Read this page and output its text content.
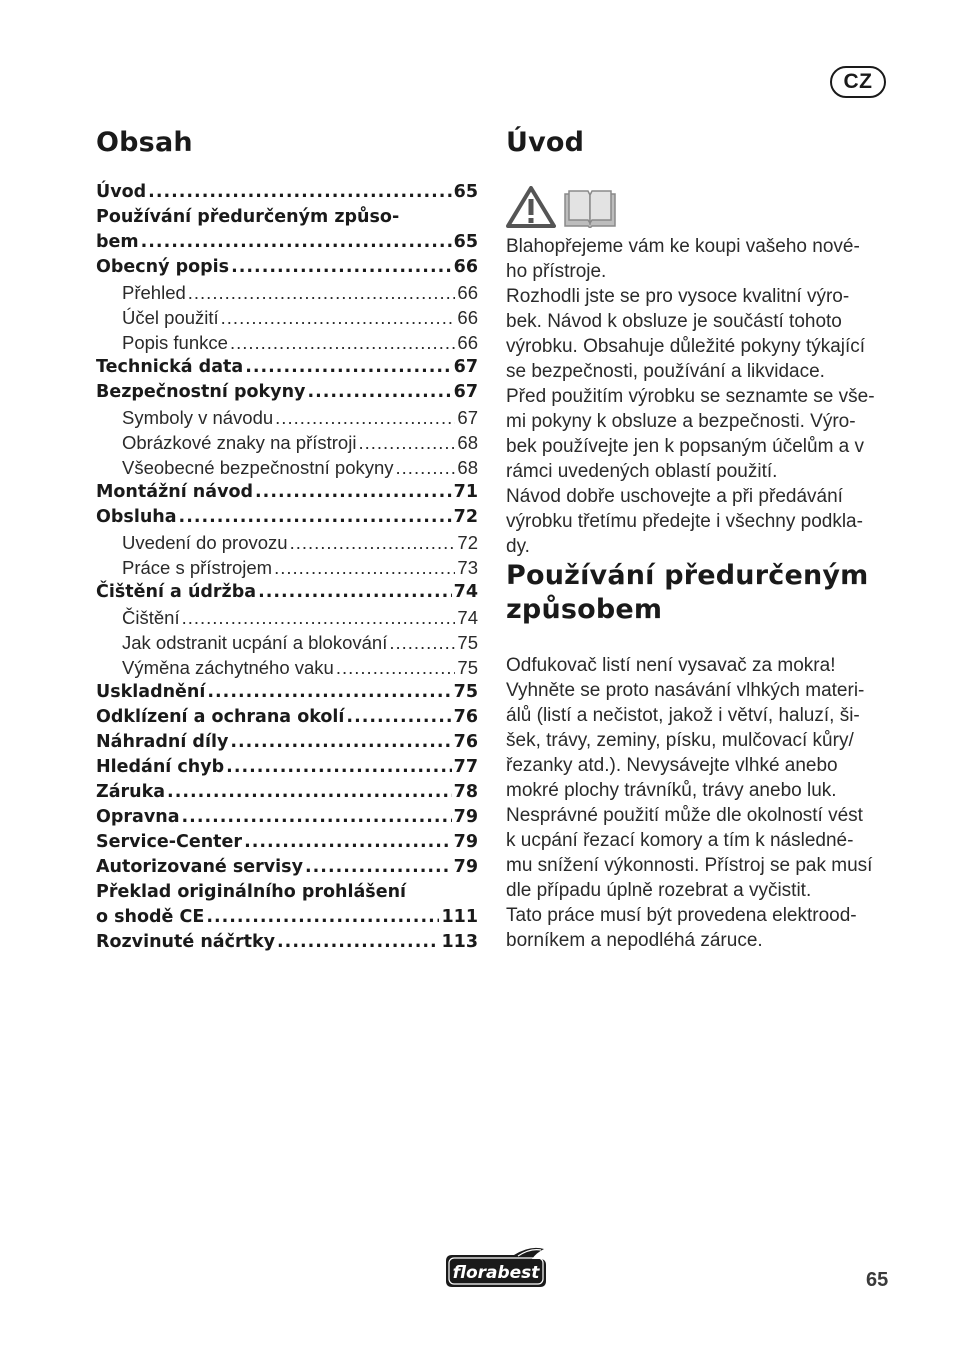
CZ
Obsah
Úvod .....	65
Používání předurčeným způso-
bem .....	65
Obecný popis .....	66
Přehled .....	66
Účel použití .....	66
Popis funkce .....	66
Technická data .....	67
Bezpečnostní pokyny .....	67
Symboly v návodu .....	67
Obrázkové znaky na přístroji .....	68
Všeobecné bezpečnostní pokyny .....	68
Montážní návod .....	71
Obsluha .....	72
Uvedení do provozu .....	72
Práce s přístrojem .....	73
Čištění a údržba .....	74
Čištění .....	74
Jak odstranit ucpání a blokování .....	75
Výměna záchytného vaku .....	75
Uskladnění .....	75
Odklízení a ochrana okolí .....	76
Náhradní díly .....	76
Hledání chyb .....	77
Záruka .....	78
Opravna .....	79
Service-Center .....	79
Autorizované servisy .....	79
Překlad originálního prohlášení
o shodě CE .....	111
Rozvinuté náčrtky .....	113
Úvod
Blahopřejeme vám ke koupi vašeho nové-
ho přístroje.
Rozhodli jste se pro vysoce kvalitní výro-
bek. Návod k obsluze je součástí tohoto
výrobku. Obsahuje důležité pokyny týkající
se bezpečnosti, používání a likvidace.
Před použitím výrobku se seznamte se vše-
mi pokyny k obsluze a bezpečnosti. Výro-
bek používejte jen k popsaným účelům a v
rámci uvedených oblastí použití.
Návod dobře uschovejte a při předávání
výrobku třetímu předejte i všechny podkla-
dy.
Používání předurčeným
způsobem
Odfukovač listí není vysavač za mokra!
Vyhněte se proto nasávání vlhkých materi-
álů (listí a nečistot, jakož i větví, haluzí, ši-
šek, trávy, zeminy, písku, mulčovací kůry/
řezanky atd.). Nevysávejte vlhké anebo
mokré plochy trávníků, trávy anebo luk.
Nesprávné použití může dle okolností vést
k ucpání řezací komory a tím k následné-
mu snížení výkonnosti. Přístroj se pak musí
dle případu úplně rozebrat a vyčistit.
Tato práce musí být provedena elektrood-
borníkem a nepodléhá záruce.
florabest	65
